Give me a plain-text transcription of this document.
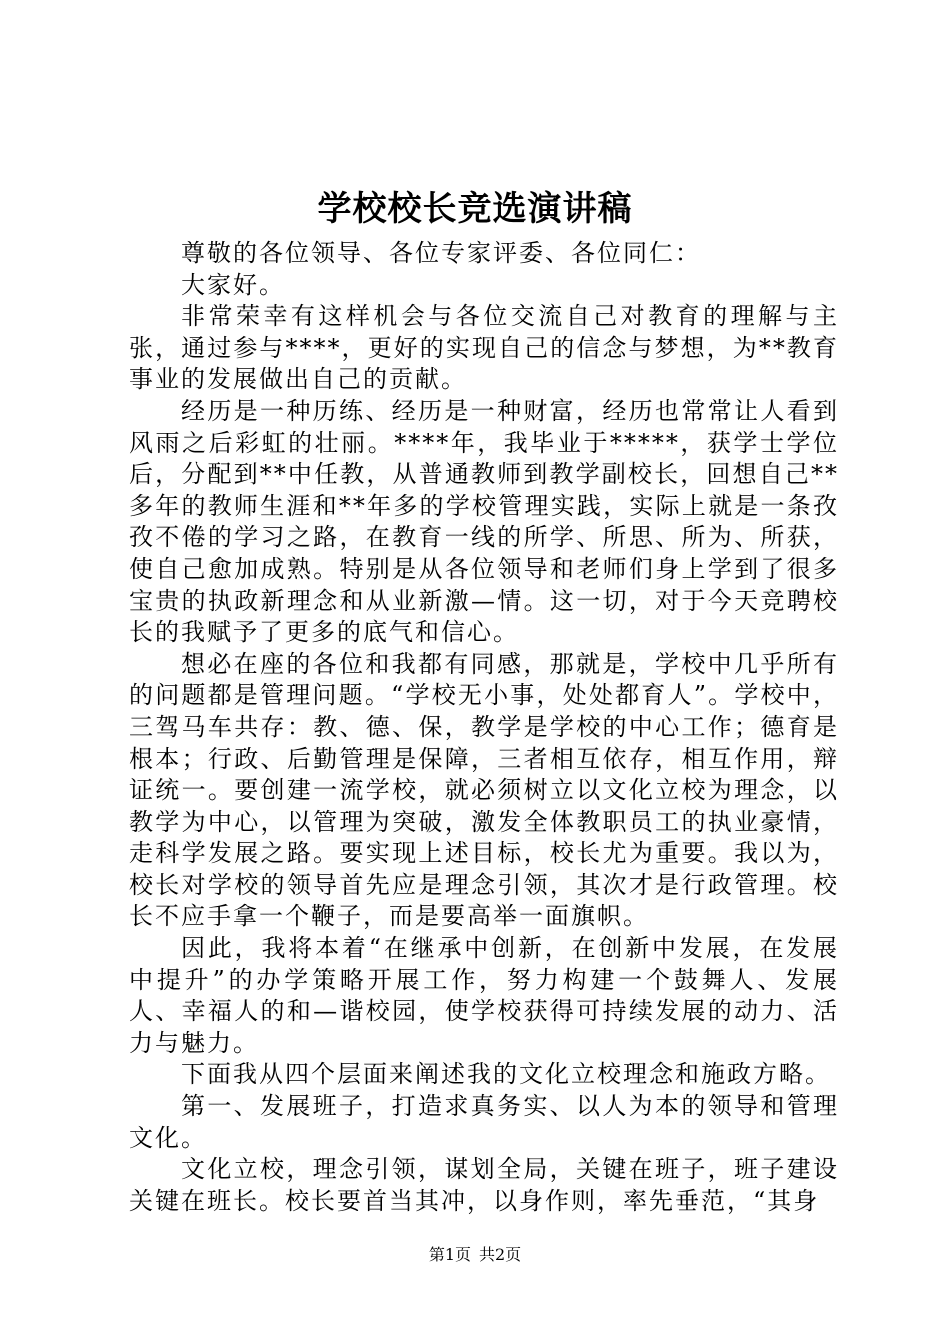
学校校长竞选演讲稿

尊敬的各位领导、各位专家评委、各位同仁：

大家好。

非常荣幸有这样机会与各位交流自己对教育的理解与主张，通过参与****，更好的实现自己的信念与梦想，为**教育事业的发展做出自己的贡献。

经历是一种历练、经历是一种财富，经历也常常让人看到风雨之后彩虹的壮丽。****年，我毕业于*****，获学士学位后，分配到**中任教，从普通教师到教学副校长，回想自己**多年的教师生涯和**年多的学校管理实践，实际上就是一条孜孜不倦的学习之路，在教育一线的所学、所思、所为、所获，使自己愈加成熟。特别是从各位领导和老师们身上学到了很多宝贵的执政新理念和从业新激—情。这一切，对于今天竞聘校长的我赋予了更多的底气和信心。

想必在座的各位和我都有同感，那就是，学校中几乎所有的问题都是管理问题。“学校无小事，处处都育人”。学校中，三驾马车共存：教、德、保，教学是学校的中心工作；德育是根本；行政、后勤管理是保障，三者相互依存，相互作用，辩证统一。要创建一流学校，就必须树立以文化立校为理念，以教学为中心，以管理为突破，激发全体教职员工的执业豪情，走科学发展之路。要实现上述目标，校长尤为重要。我以为，校长对学校的领导首先应是理念引领，其次才是行政管理。校长不应手拿一个鞭子，而是要高举一面旗帜。

因此，我将本着“在继承中创新，在创新中发展，在发展中提升”的办学策略开展工作，努力构建一个鼓舞人、发展人、幸福人的和—谐校园，使学校获得可持续发展的动力、活力与魅力。

下面我从四个层面来阐述我的文化立校理念和施政方略。

第一、发展班子，打造求真务实、以人为本的领导和管理文化。

文化立校，理念引领，谋划全局，关键在班子，班子建设关键在班长。校长要首当其冲，以身作则，率先垂范，“其身

第1页 共2页
